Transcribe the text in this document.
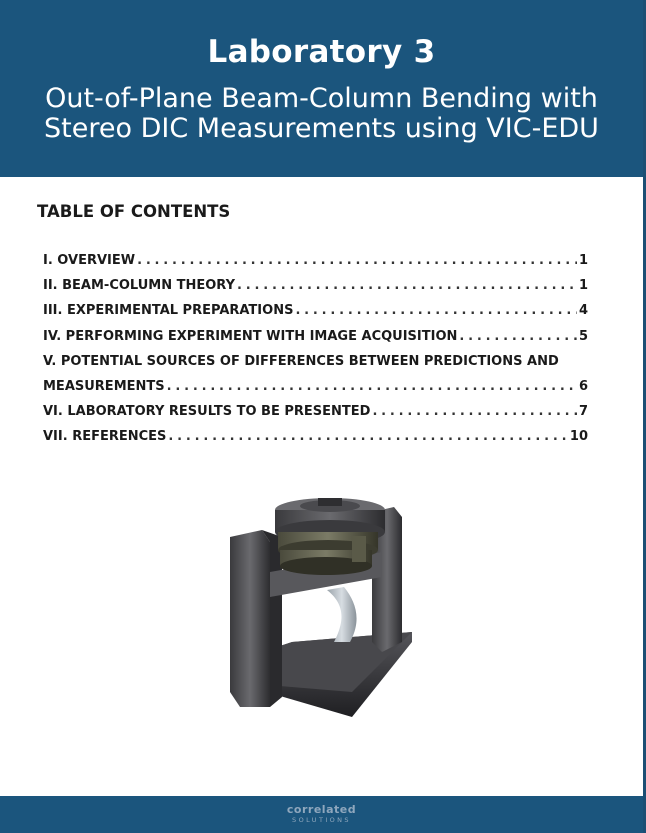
Laboratory 3
Out-of-Plane Beam-Column Bending with
Stereo DIC Measurements using VIC-EDU
TABLE OF CONTENTS
I. OVERVIEW .....	1
II. BEAM-COLUMN THEORY .....	1
III. EXPERIMENTAL PREPARATIONS .....	4
IV. PERFORMING EXPERIMENT WITH IMAGE ACQUISITION .....	5
V. POTENTIAL SOURCES OF DIFFERENCES BETWEEN PREDICTIONS AND
MEASUREMENTS .....	6
VI. LABORATORY RESULTS TO BE PRESENTED .....	7
VII. REFERENCES .....	10
correlated
SOLUTIONS
